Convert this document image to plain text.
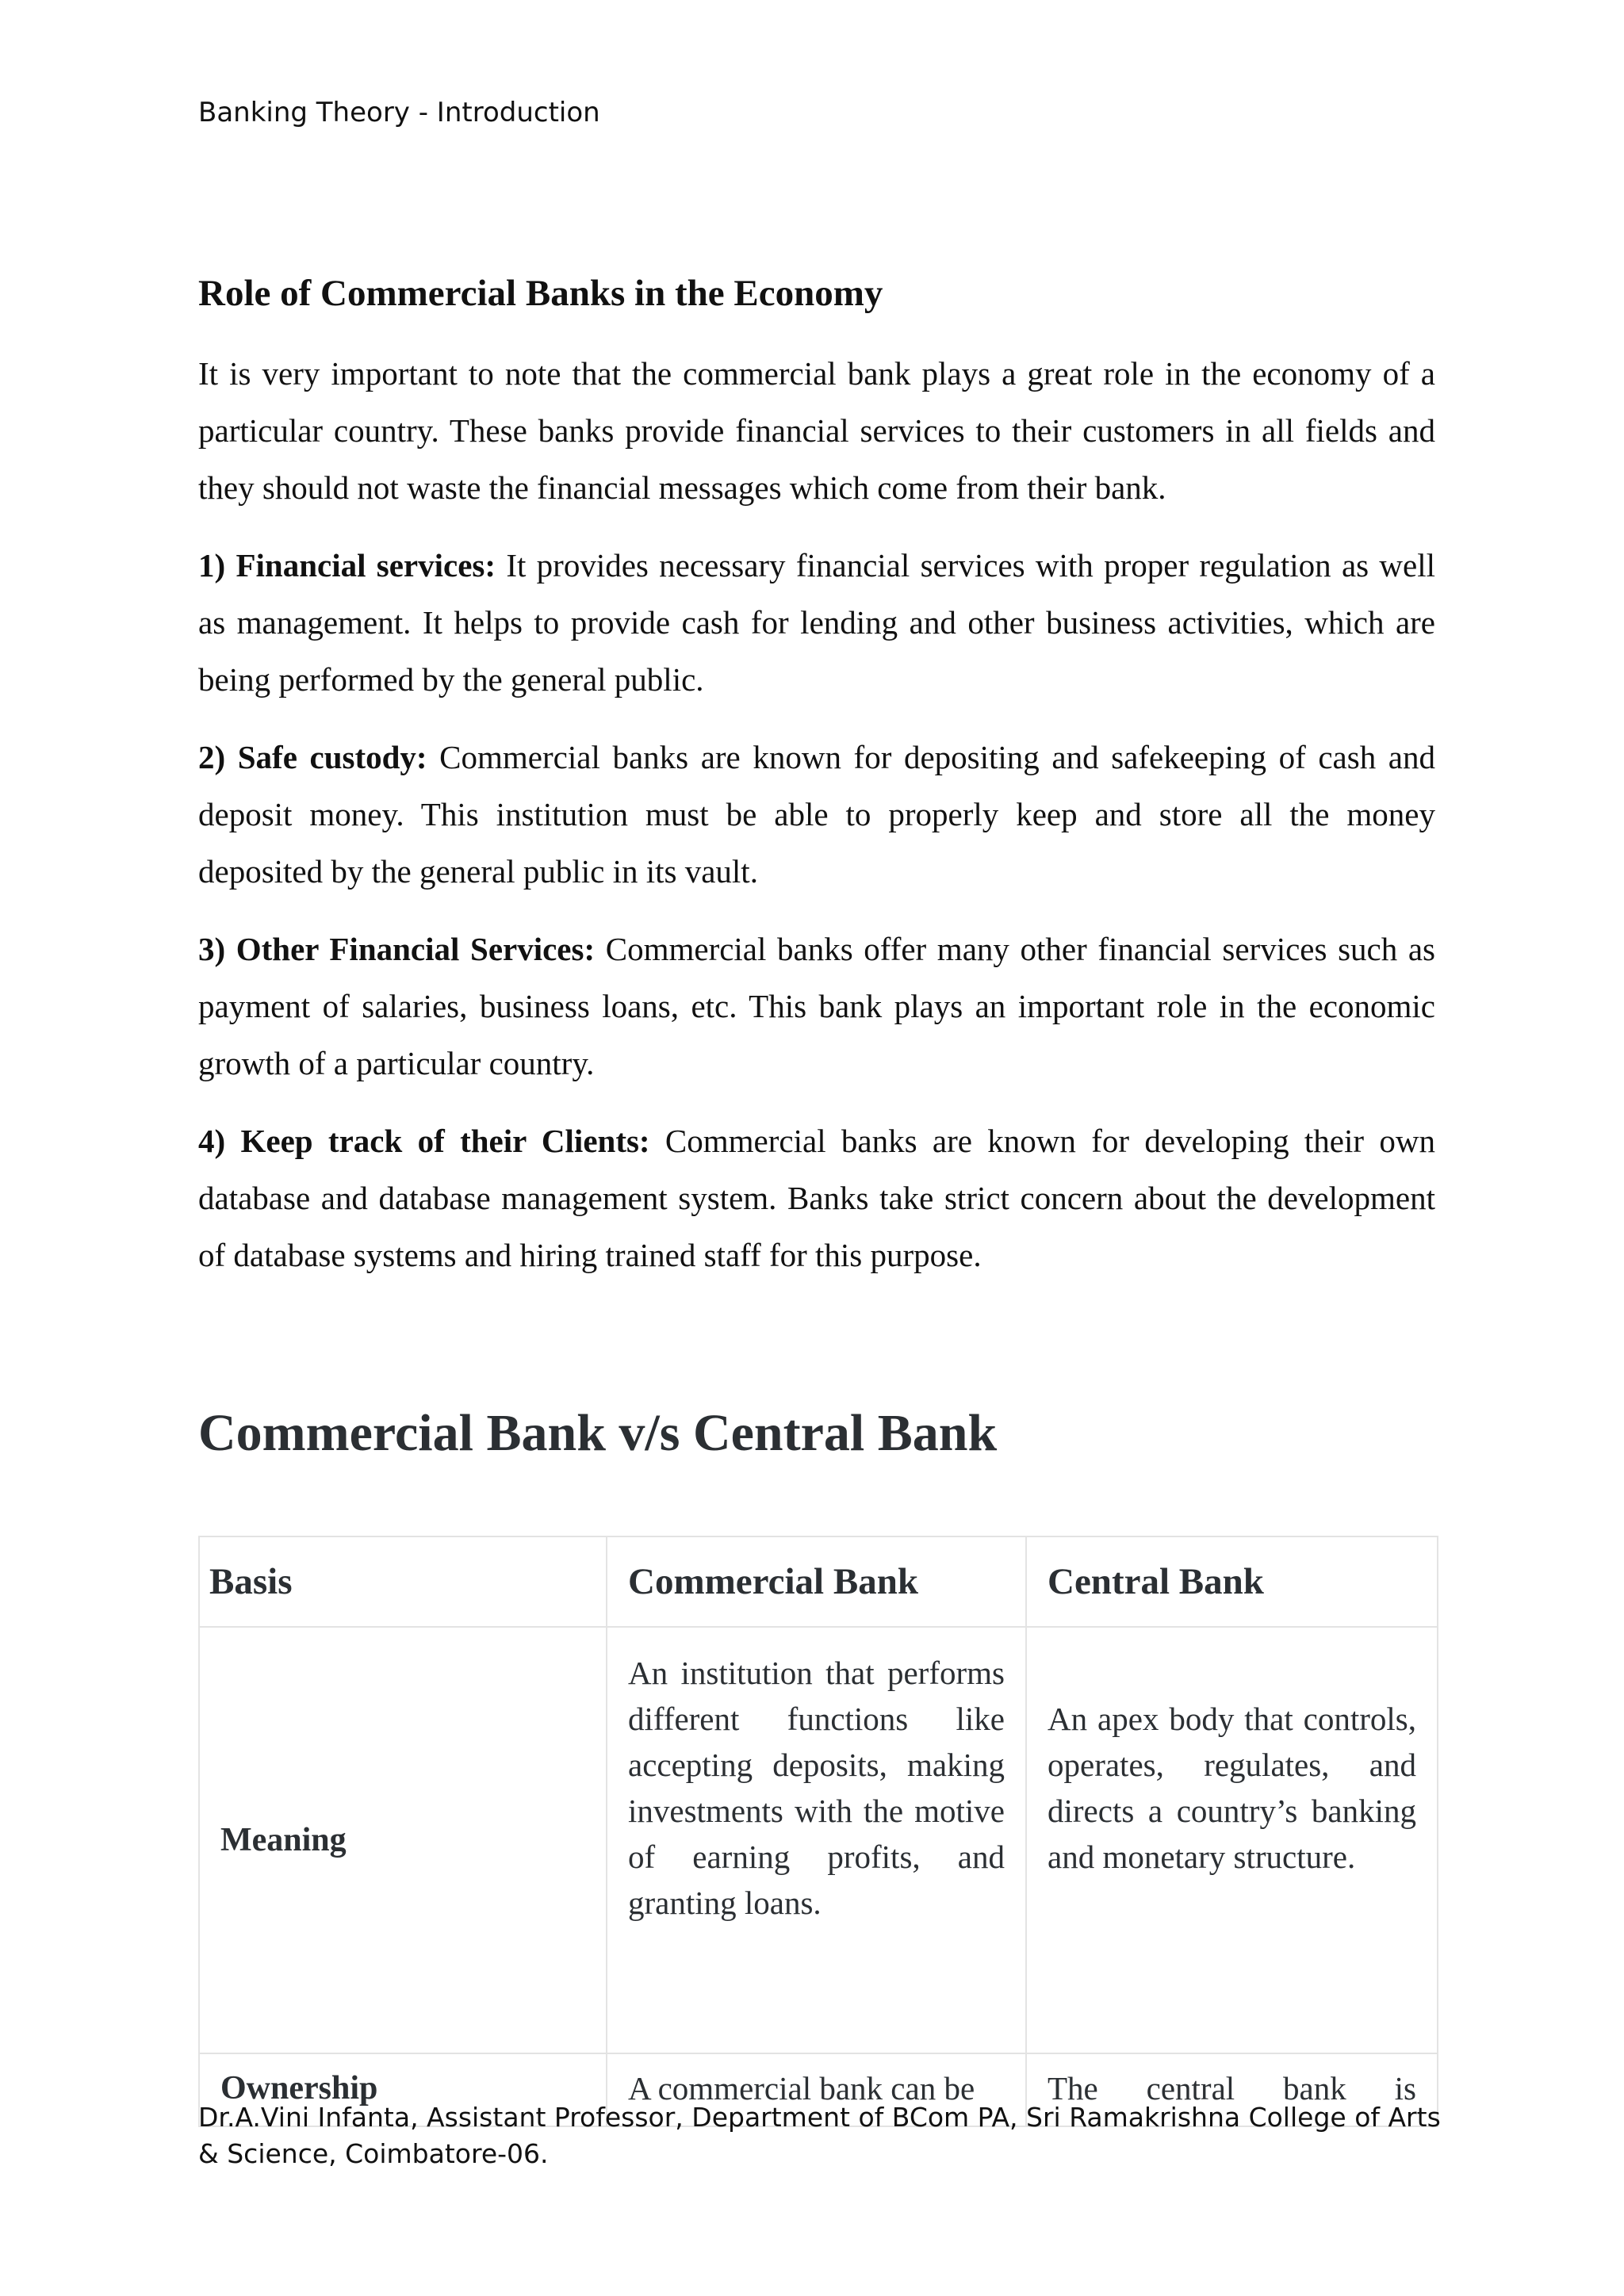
Banking Theory - Introduction
Role of Commercial Banks in the Economy

It is very important to note that the commercial bank plays a great role in the economy of a particular country. These banks provide financial services to their customers in all fields and they should not waste the financial messages which come from their bank.

1) Financial services: It provides necessary financial services with proper regulation as well as management. It helps to provide cash for lending and other business activities, which are being performed by the general public.

2) Safe custody: Commercial banks are known for depositing and safekeeping of cash and deposit money. This institution must be able to properly keep and store all the money deposited by the general public in its vault.

3) Other Financial Services: Commercial banks offer many other financial services such as payment of salaries, business loans, etc. This bank plays an important role in the economic growth of a particular country.

4) Keep track of their Clients: Commercial banks are known for developing their own database and database management system. Banks take strict concern about the development of database systems and hiring trained staff for this purpose.

Commercial Bank v/s Central Bank
Basis	Commercial Bank	Central Bank
Meaning	An institution that performs different functions like accepting deposits, making investments with the motive of earning profits, and granting loans.	An apex body that controls, operates, regulates, and directs a country’s banking and monetary structure.
Ownership	A commercial bank can be	The central bank is
Dr.A.Vini Infanta, Assistant Professor, Department of BCom PA, Sri Ramakrishna College of Arts & Science, Coimbatore-06.
